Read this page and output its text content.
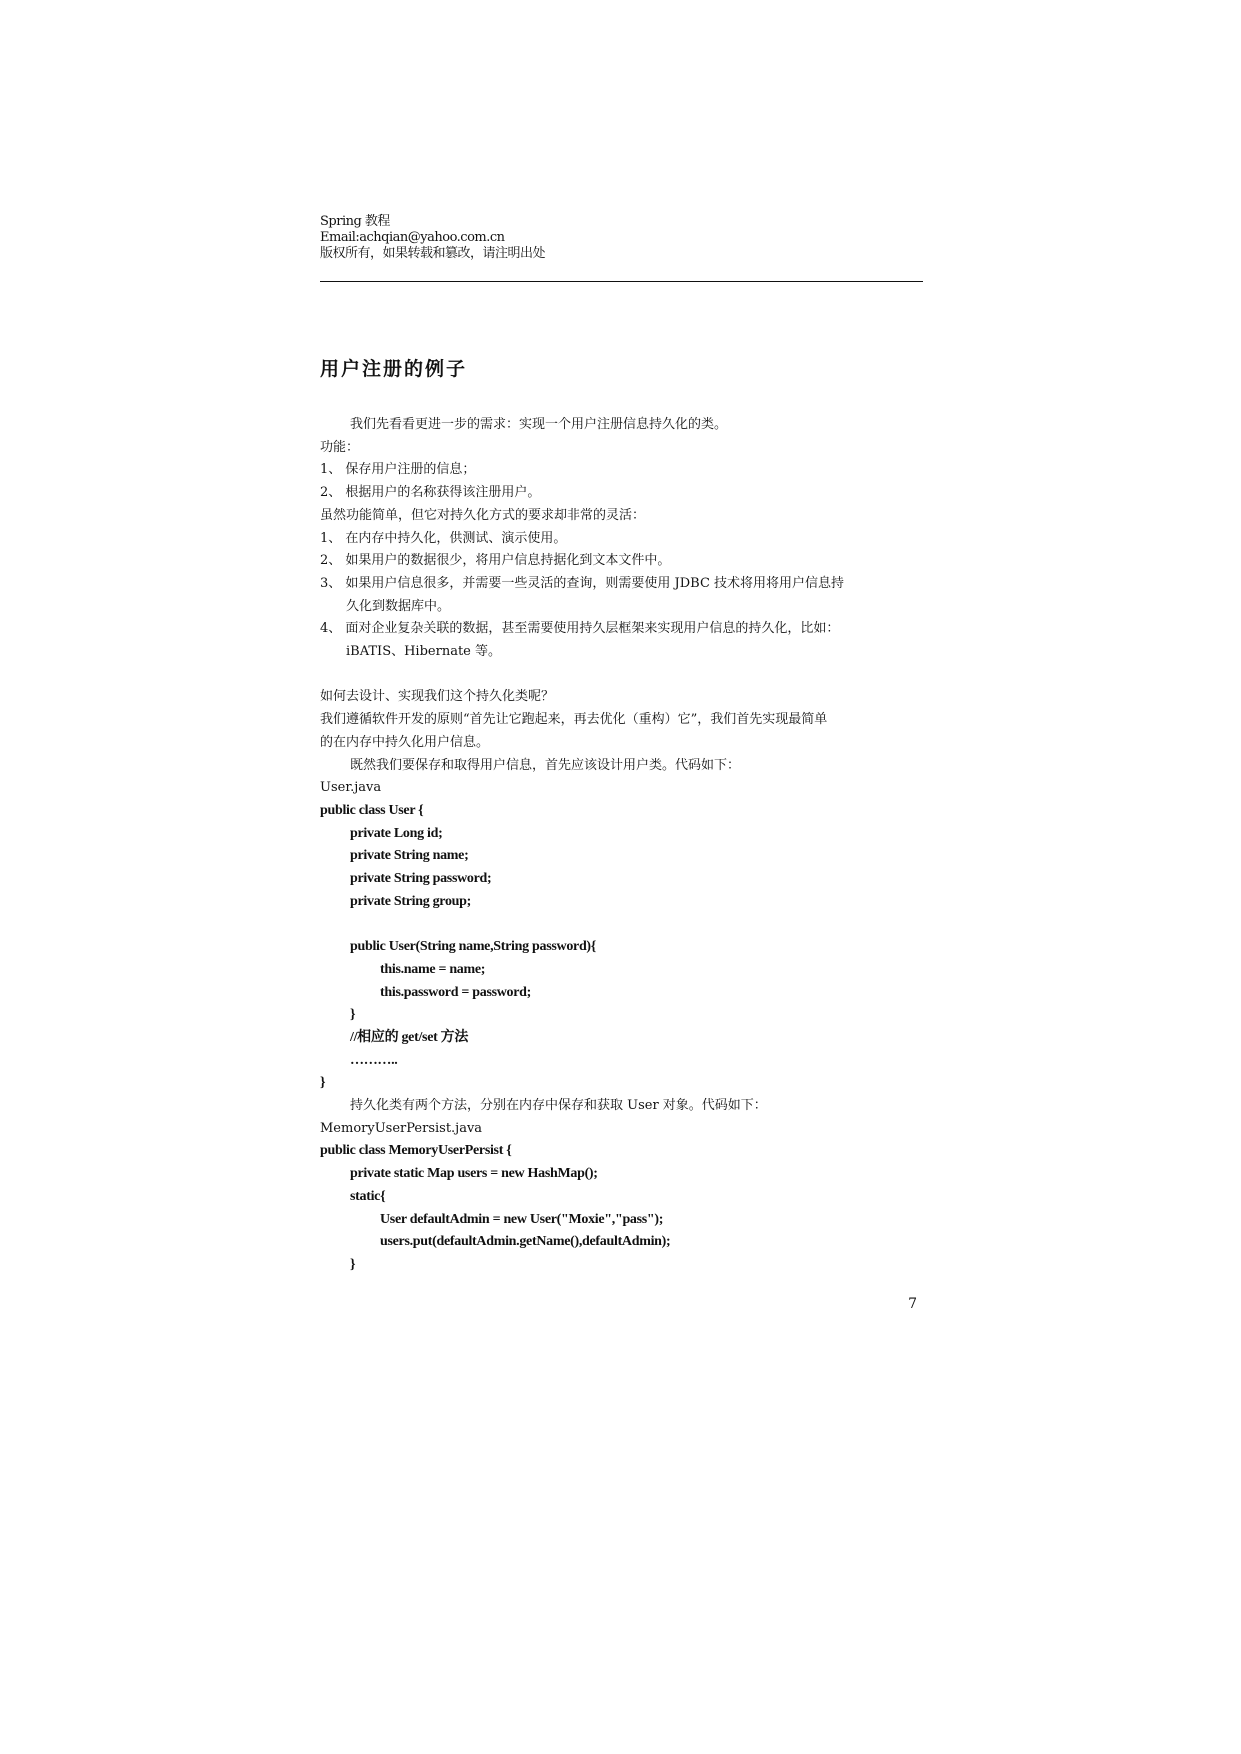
Spring 教程
Email:achqian@yahoo.com.cn
版权所有，如果转载和篡改，请注明出处
用户注册的例子
我们先看看更进一步的需求：实现一个用户注册信息持久化的类。
功能：
1、 保存用户注册的信息；
2、 根据用户的名称获得该注册用户。
虽然功能简单，但它对持久化方式的要求却非常的灵活：
1、 在内存中持久化，供测试、演示使用。
2、 如果用户的数据很少，将用户信息持据化到文本文件中。
3、 如果用户信息很多，并需要一些灵活的查询，则需要使用 JDBC 技术将用将用户信息持
久化到数据库中。
4、 面对企业复杂关联的数据，甚至需要使用持久层框架来实现用户信息的持久化，比如：
iBATIS、Hibernate 等。
如何去设计、实现我们这个持久化类呢？
我们遵循软件开发的原则“首先让它跑起来，再去优化（重构）它”，我们首先实现最简单
的在内存中持久化用户信息。
既然我们要保存和取得用户信息，首先应该设计用户类。代码如下：
User.java
public class User {
private Long id;
private String name;
private String password;
private String group;
public User(String name,String password){
this.name = name;
this.password = password;
}
//相应的 get/set 方法
………..
}
持久化类有两个方法，分别在内存中保存和获取 User 对象。代码如下：
MemoryUserPersist.java
public class MemoryUserPersist {
private static Map users = new HashMap();
static{
User defaultAdmin = new User("Moxie","pass");
users.put(defaultAdmin.getName(),defaultAdmin);
}
7
